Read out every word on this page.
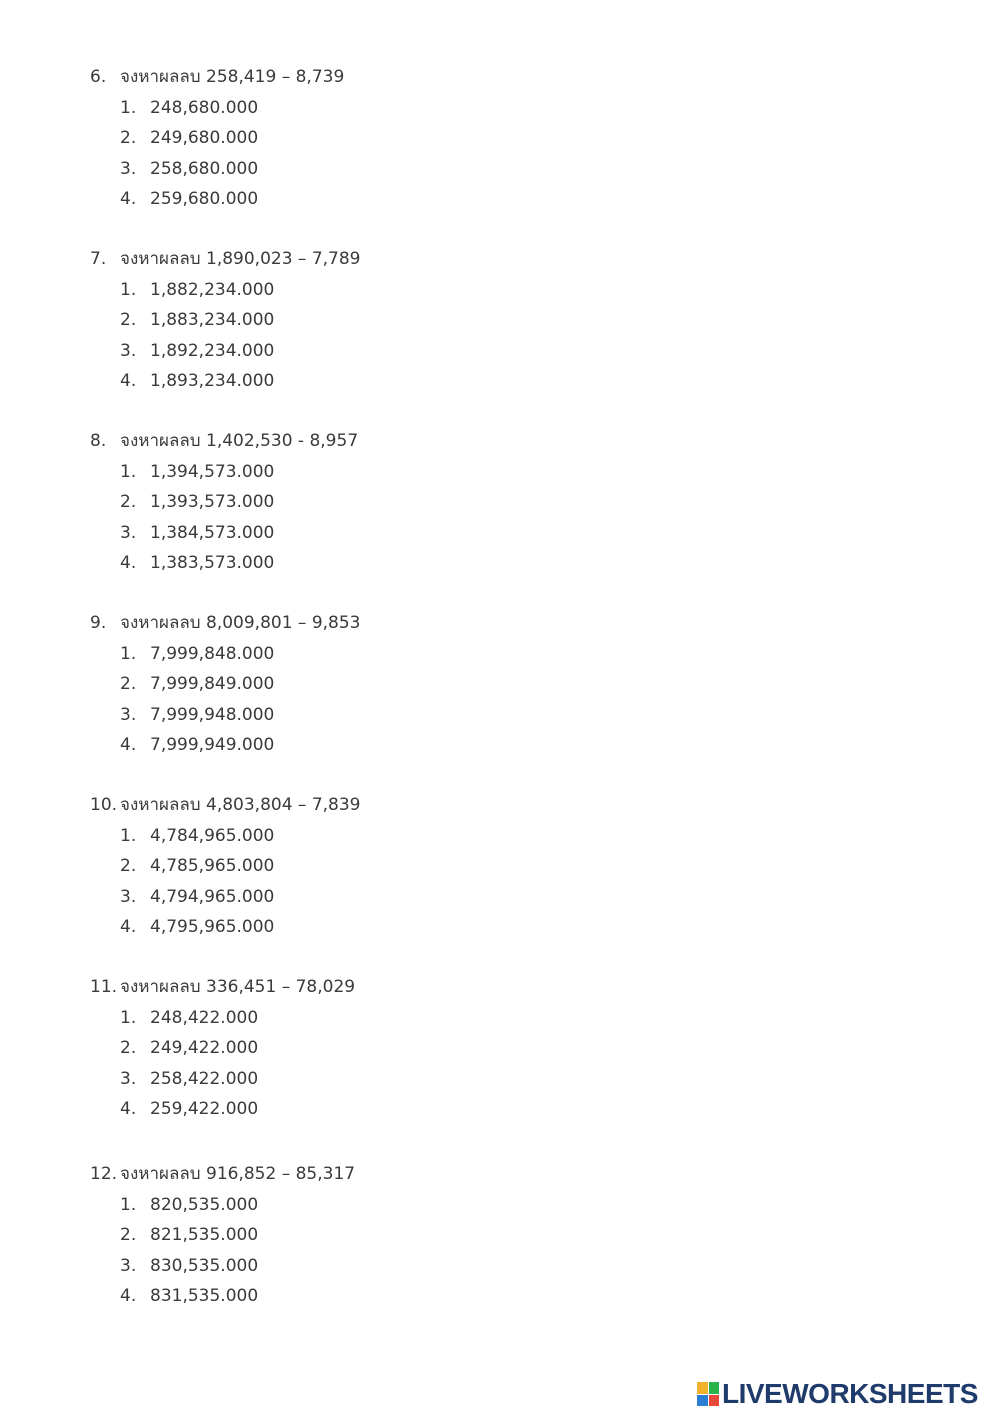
6. จงหาผลลบ 258,419 – 8,739
1. 248,680.000
2. 249,680.000
3. 258,680.000
4. 259,680.000
7. จงหาผลลบ 1,890,023 – 7,789
1. 1,882,234.000
2. 1,883,234.000
3. 1,892,234.000
4. 1,893,234.000
8. จงหาผลลบ 1,402,530 - 8,957
1. 1,394,573.000
2. 1,393,573.000
3. 1,384,573.000
4. 1,383,573.000
9. จงหาผลลบ 8,009,801 – 9,853
1. 7,999,848.000
2. 7,999,849.000
3. 7,999,948.000
4. 7,999,949.000
10. จงหาผลลบ 4,803,804 – 7,839
1. 4,784,965.000
2. 4,785,965.000
3. 4,794,965.000
4. 4,795,965.000
11. จงหาผลลบ 336,451 – 78,029
1. 248,422.000
2. 249,422.000
3. 258,422.000
4. 259,422.000
12. จงหาผลลบ 916,852 – 85,317
1. 820,535.000
2. 821,535.000
3. 830,535.000
4. 831,535.000
LIVEWORKSHEETS
